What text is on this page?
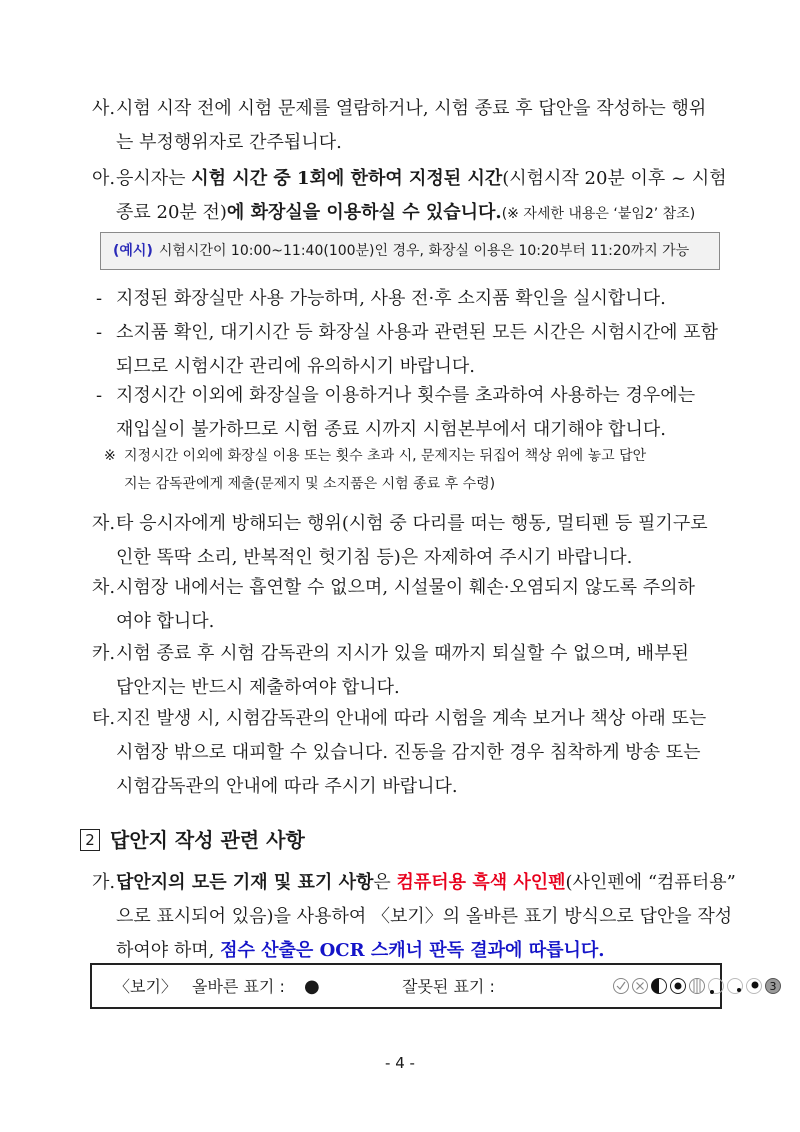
사. 시험 시작 전에 시험 문제를 열람하거나, 시험 종료 후 답안을 작성하는 행위
는 부정행위자로 간주됩니다.
아. 응시자는 시험 시간 중 1회에 한하여 지정된 시간(시험시작 20분 이후 ~ 시험
종료 20분 전)에 화장실을 이용하실 수 있습니다.(※ 자세한 내용은 ‘붙임2’ 참조)
(예시) 시험시간이 10:00~11:40(100분)인 경우, 화장실 이용은 10:20부터 11:20까지 가능
- 지정된 화장실만 사용 가능하며, 사용 전·후 소지품 확인을 실시합니다.
- 소지품 확인, 대기시간 등 화장실 사용과 관련된 모든 시간은 시험시간에 포함
되므로 시험시간 관리에 유의하시기 바랍니다.
- 지정시간 이외에 화장실을 이용하거나 횟수를 초과하여 사용하는 경우에는
재입실이 불가하므로 시험 종료 시까지 시험본부에서 대기해야 합니다.
※ 지정시간 이외에 화장실 이용 또는 횟수 초과 시, 문제지는 뒤집어 책상 위에 놓고 답안
지는 감독관에게 제출(문제지 및 소지품은 시험 종료 후 수령)
자. 타 응시자에게 방해되는 행위(시험 중 다리를 떠는 행동, 멀티펜 등 필기구로
인한 똑딱 소리, 반복적인 헛기침 등)은 자제하여 주시기 바랍니다.
차. 시험장 내에서는 흡연할 수 없으며, 시설물이 훼손·오염되지 않도록 주의하
여야 합니다.
카. 시험 종료 후 시험 감독관의 지시가 있을 때까지 퇴실할 수 없으며, 배부된
답안지는 반드시 제출하여야 합니다.
타. 지진 발생 시, 시험감독관의 안내에 따라 시험을 계속 보거나 책상 아래 또는
시험장 밖으로 대피할 수 있습니다. 진동을 감지한 경우 침착하게 방송 또는
시험감독관의 안내에 따라 주시기 바랍니다.
2 답안지 작성 관련 사항
가. 답안지의 모든 기재 및 표기 사항은 컴퓨터용 흑색 사인펜(사인펜에 “컴퓨터용”
으로 표시되어 있음)을 사용하여 〈보기〉의 올바른 표기 방식으로 답안을 작성
하여야 하며, 점수 산출은 OCR 스캐너 판독 결과에 따릅니다.
〈보기〉 올바른 표기 : ●	잘못된 표기 :	3
- 4 -
